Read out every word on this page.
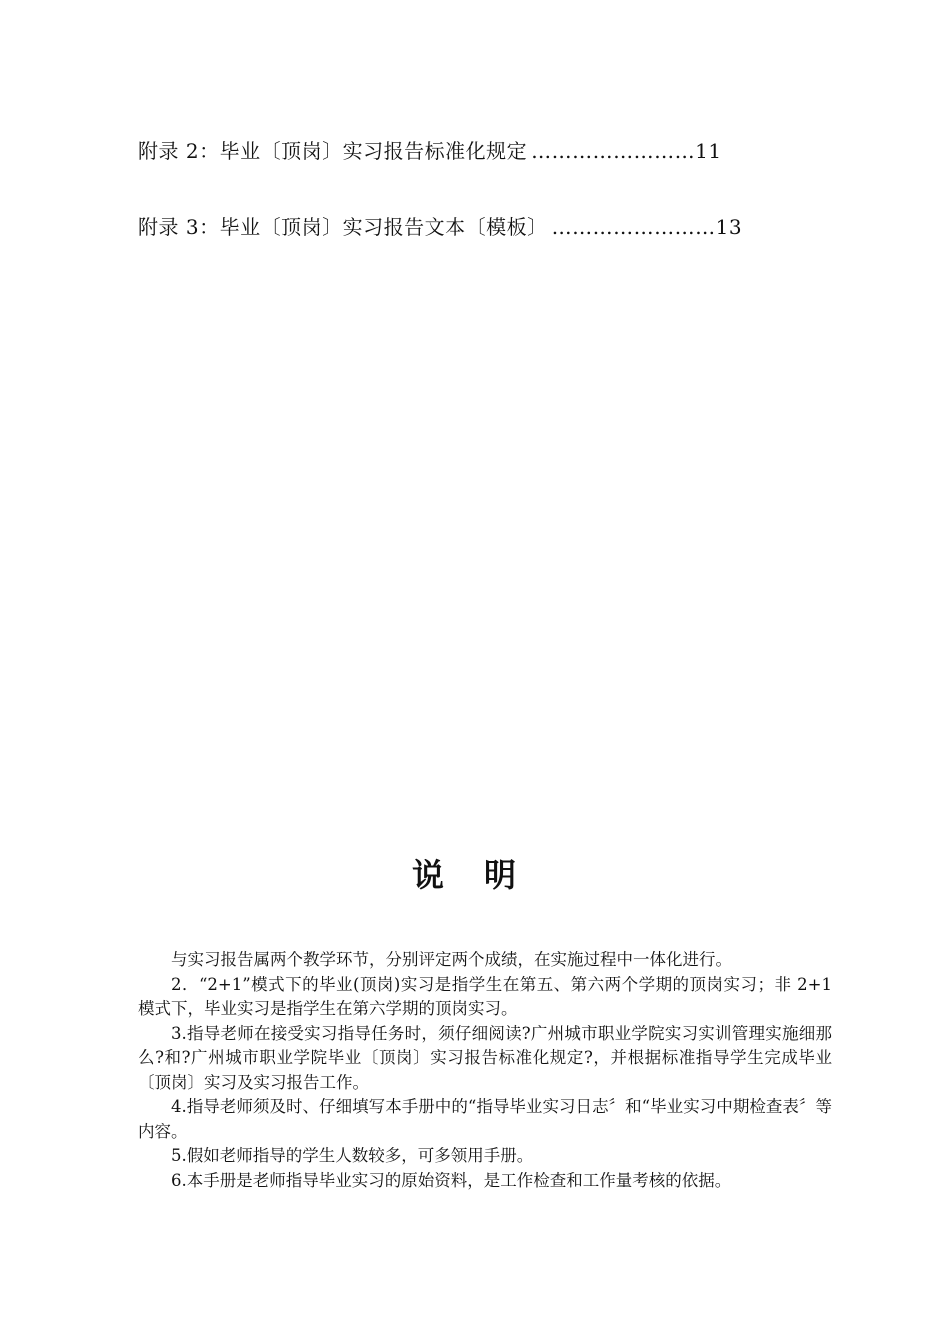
附录 2：毕业〔顶岗〕实习报告标准化规定 ……………………11
附录 3：毕业〔顶岗〕实习报告文本〔模板〕 ……………………13
说明

与实习报告属两个教学环节，分别评定两个成绩，在实施过程中一体化进行。

2．“2+1”模式下的毕业(顶岗)实习是指学生在第五、第六两个学期的顶岗实习；非 2+1 模式下，毕业实习是指学生在第六学期的顶岗实习。

3.指导老师在接受实习指导任务时，须仔细阅读?广州城市职业学院实习实训管理实施细那么?和?广州城市职业学院毕业〔顶岗〕实习报告标准化规定?，并根据标准指导学生完成毕业〔顶岗〕实习及实习报告工作。

4.指导老师须及时、仔细填写本手册中的“指导毕业实习日志〞和“毕业实习中期检查表〞等内容。

5.假如老师指导的学生人数较多，可多领用手册。

6.本手册是老师指导毕业实习的原始资料，是工作检查和工作量考核的依据。
